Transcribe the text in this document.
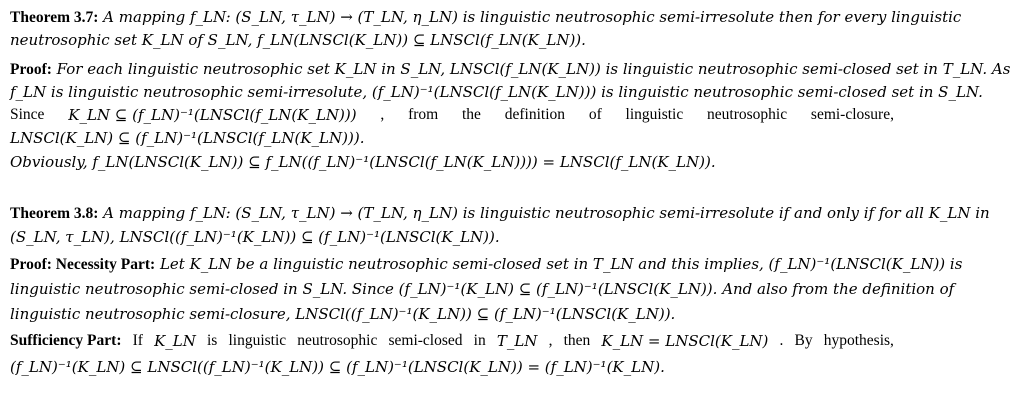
Theorem 3.7: A mapping f_LN: (S_LN, τ_LN) → (T_LN, η_LN) is linguistic neutrosophic semi-irresolute then for every linguistic
neutrosophic set K_LN of S_LN, f_LN(LNSCl(K_LN)) ⊆ LNSCl(f_LN(K_LN)).
Proof: For each linguistic neutrosophic set K_LN in S_LN, LNSCl(f_LN(K_LN)) is linguistic neutrosophic semi-closed set in T_LN. As
f_LN is linguistic neutrosophic semi-irresolute, (f_LN)⁻¹(LNSCl(f_LN(K_LN))) is linguistic neutrosophic semi-closed set in S_LN.
Since K_LN ⊆ (f_LN)⁻¹(LNSCl(f_LN(K_LN))) , from the definition of linguistic neutrosophic semi-closure,
LNSCl(K_LN) ⊆ (f_LN)⁻¹(LNSCl(f_LN(K_LN))).
Obviously, f_LN(LNSCl(K_LN)) ⊆ f_LN((f_LN)⁻¹(LNSCl(f_LN(K_LN)))) = LNSCl(f_LN(K_LN)).
Theorem 3.8: A mapping f_LN: (S_LN, τ_LN) → (T_LN, η_LN) is linguistic neutrosophic semi-irresolute if and only if for all K_LN in
(S_LN, τ_LN), LNSCl((f_LN)⁻¹(K_LN)) ⊆ (f_LN)⁻¹(LNSCl(K_LN)).
Proof: Necessity Part: Let K_LN be a linguistic neutrosophic semi-closed set in T_LN and this implies, (f_LN)⁻¹(LNSCl(K_LN)) is
linguistic neutrosophic semi-closed in S_LN. Since (f_LN)⁻¹(K_LN) ⊆ (f_LN)⁻¹(LNSCl(K_LN)). And also from the definition of
linguistic neutrosophic semi-closure, LNSCl((f_LN)⁻¹(K_LN)) ⊆ (f_LN)⁻¹(LNSCl(K_LN)).
Sufficiency Part: If K_LN is linguistic neutrosophic semi-closed in T_LN , then K_LN = LNSCl(K_LN) . By hypothesis,
(f_LN)⁻¹(K_LN) ⊆ LNSCl((f_LN)⁻¹(K_LN)) ⊆ (f_LN)⁻¹(LNSCl(K_LN)) = (f_LN)⁻¹(K_LN).
